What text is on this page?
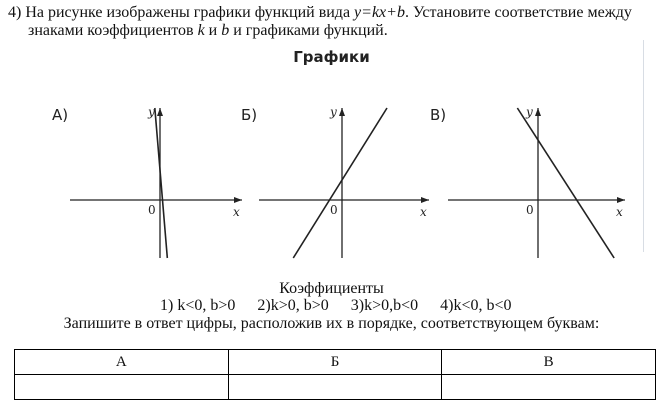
4) На рисунке изображены графики функций вида y=kx+b. Установите соответствие между
знаками коэффициентов k и b и графиками функций.
Графики
А)	Б)	В)
x
y
0	x
y
0	x
y
0
Коэффициенты
1) k<0, b>0 2)k>0, b>0 3)k>0,b<0 4)k<0, b<0
Запишите в ответ цифры, расположив их в порядке, соответствующем буквам:
А	Б	В
